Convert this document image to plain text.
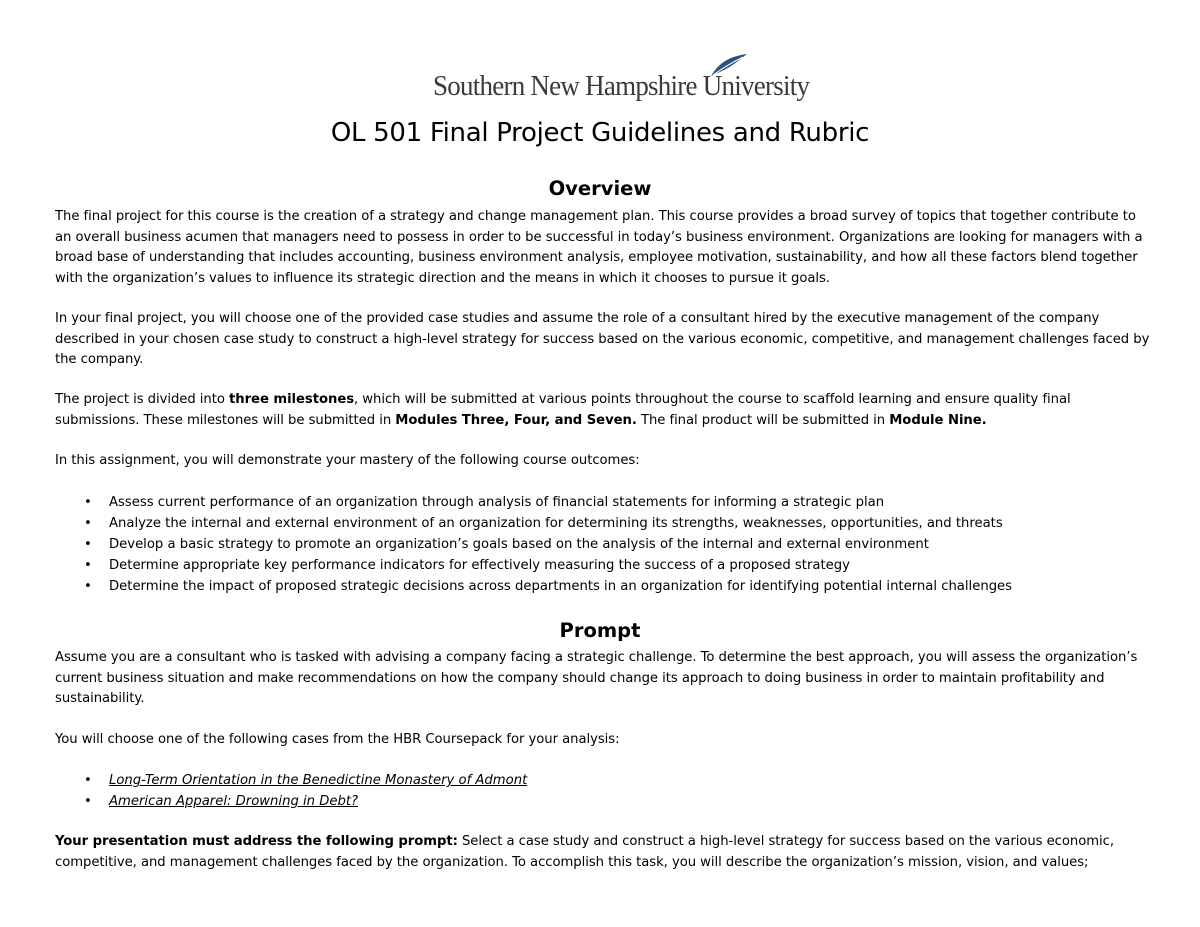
Southern New Hampshire University
OL 501 Final Project Guidelines and Rubric
Overview

The final project for this course is the creation of a strategy and change management plan. This course provides a broad survey of topics that together contribute to an overall business acumen that managers need to possess in order to be successful in today’s business environment. Organizations are looking for managers with a broad base of understanding that includes accounting, business environment analysis, employee motivation, sustainability, and how all these factors blend together with the organization’s values to influence its strategic direction and the means in which it chooses to pursue it goals.

In your final project, you will choose one of the provided case studies and assume the role of a consultant hired by the executive management of the company described in your chosen case study to construct a high-level strategy for success based on the various economic, competitive, and management challenges faced by the company.

The project is divided into three milestones, which will be submitted at various points throughout the course to scaffold learning and ensure quality final submissions. These milestones will be submitted in Modules Three, Four, and Seven. The final product will be submitted in Module Nine.

In this assignment, you will demonstrate your mastery of the following course outcomes:

• Assess current performance of an organization through analysis of financial statements for informing a strategic plan
• Analyze the internal and external environment of an organization for determining its strengths, weaknesses, opportunities, and threats
• Develop a basic strategy to promote an organization’s goals based on the analysis of the internal and external environment
• Determine appropriate key performance indicators for effectively measuring the success of a proposed strategy
• Determine the impact of proposed strategic decisions across departments in an organization for identifying potential internal challenges
Prompt

Assume you are a consultant who is tasked with advising a company facing a strategic challenge. To determine the best approach, you will assess the organization’s current business situation and make recommendations on how the company should change its approach to doing business in order to maintain profitability and sustainability.

You will choose one of the following cases from the HBR Coursepack for your analysis:

• Long-Term Orientation in the Benedictine Monastery of Admont
• American Apparel: Drowning in Debt?

Your presentation must address the following prompt: Select a case study and construct a high-level strategy for success based on the various economic, competitive, and management challenges faced by the organization. To accomplish this task, you will describe the organization’s mission, vision, and values;
